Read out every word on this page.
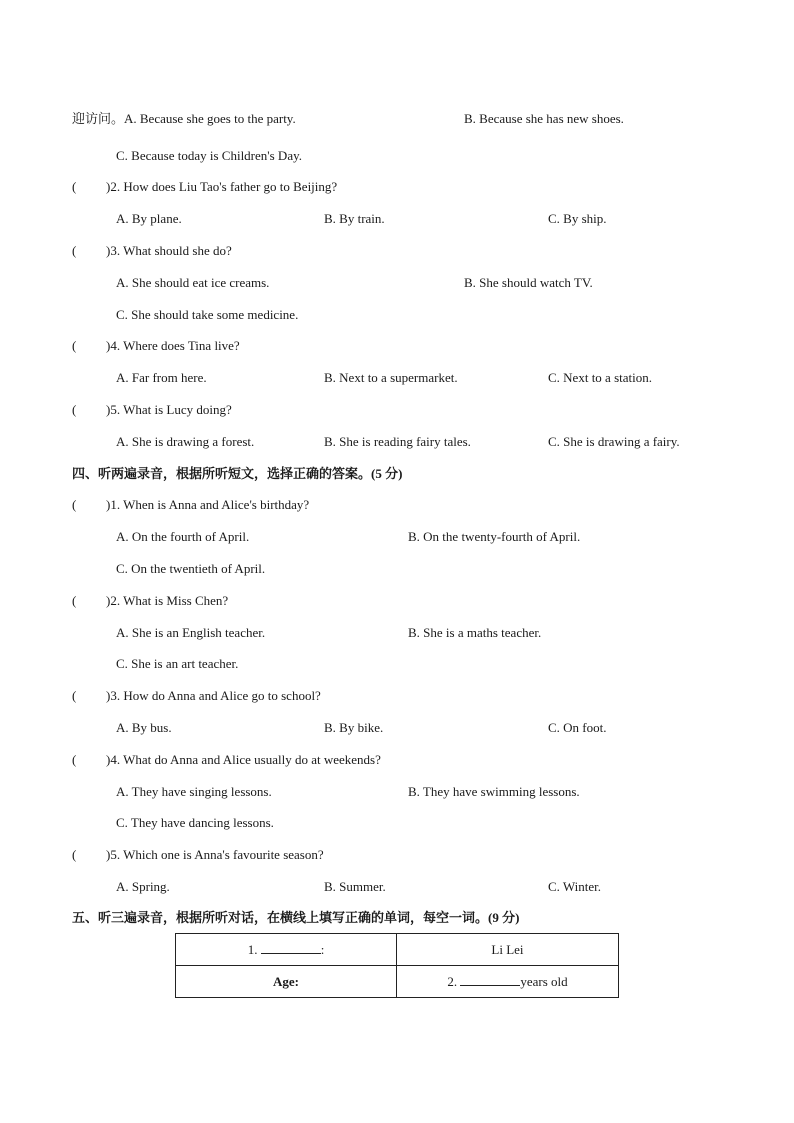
迎访问。A. Because she goes to the party.	B. Because she has new shoes.
C. Because today is Children's Day.
( )2. How does Liu Tao's father go to Beijing?
A. By plane.	B. By train.	C. By ship.
( )3. What should she do?
A. She should eat ice creams.	B. She should watch TV.
C. She should take some medicine.
( )4. Where does Tina live?
A. Far from here.	B. Next to a supermarket.	C. Next to a station.
( )5. What is Lucy doing?
A. She is drawing a forest.	B. She is reading fairy tales.	C. She is drawing a fairy.
四、听两遍录音，根据所听短文，选择正确的答案。(5 分)
( )1. When is Anna and Alice's birthday?
A. On the fourth of April.	B. On the twenty-fourth of April.
C. On the twentieth of April.
( )2. What is Miss Chen?
A. She is an English teacher.	B. She is a maths teacher.
C. She is an art teacher.
( )3. How do Anna and Alice go to school?
A. By bus.	B. By bike.	C. On foot.
( )4. What do Anna and Alice usually do at weekends?
A. They have singing lessons.	B. They have swimming lessons.
C. They have dancing lessons.
( )5. Which one is Anna's favourite season?
A. Spring.	B. Summer.	C. Winter.
五、听三遍录音，根据所听对话，在横线上填写正确的单词，每空一词。(9 分)
1. :	Li Lei
Age:	2. years old
